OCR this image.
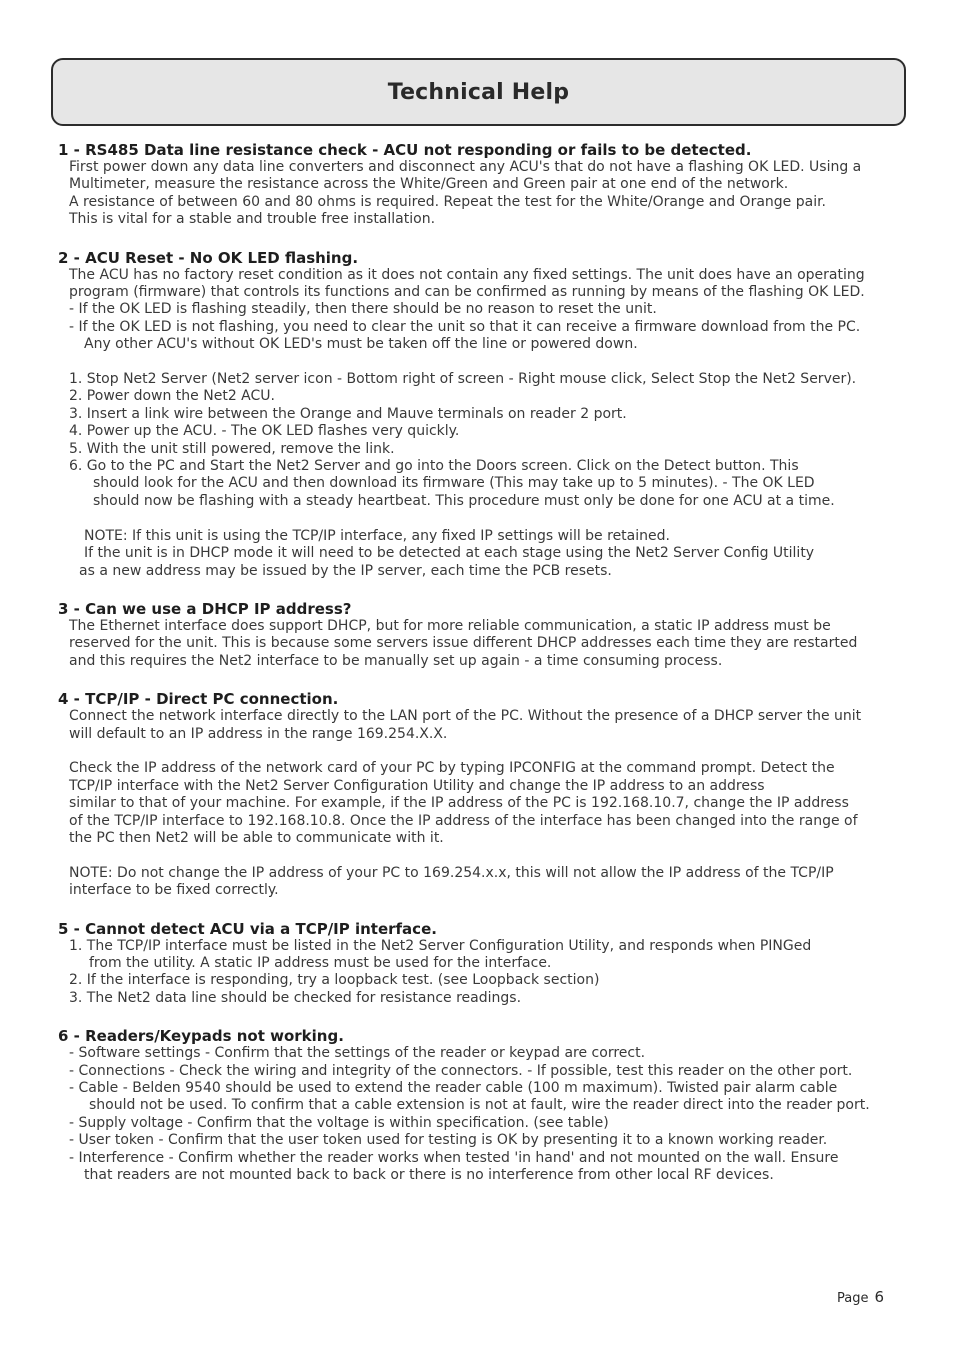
Technical Help

1 - RS485 Data line resistance check - ACU not responding or fails to be detected.

First power down any data line converters and disconnect any ACU's that do not have a flashing OK LED. Using a

Multimeter, measure the resistance across the White/Green and Green pair at one end of the network.

A resistance of between 60 and 80 ohms is required. Repeat the test for the White/Orange and Orange pair.

This is vital for a stable and trouble free installation.

2 - ACU Reset - No OK LED flashing.

The ACU has no factory reset condition as it does not contain any fixed settings. The unit does have an operating

program (firmware) that controls its functions and can be confirmed as running by means of the flashing OK LED.

- If the OK LED is flashing steadily, then there should be no reason to reset the unit.

- If the OK LED is not flashing, you need to clear the unit so that it can receive a firmware download from the PC.

Any other ACU's without OK LED's must be taken off the line or powered down.

1. Stop Net2 Server (Net2 server icon - Bottom right of screen - Right mouse click, Select Stop the Net2 Server).

2. Power down the Net2 ACU.

3. Insert a link wire between the Orange and Mauve terminals on reader 2 port.

4. Power up the ACU. - The OK LED flashes very quickly.

5. With the unit still powered, remove the link.

6. Go to the PC and Start the Net2 Server and go into the Doors screen. Click on the Detect button. This

should look for the ACU and then download its firmware (This may take up to 5 minutes). - The OK LED

should now be flashing with a steady heartbeat. This procedure must only be done for one ACU at a time.

NOTE: If this unit is using the TCP/IP interface, any fixed IP settings will be retained.

If the unit is in DHCP mode it will need to be detected at each stage using the Net2 Server Config Utility

as a new address may be issued by the IP server, each time the PCB resets.

3 - Can we use a DHCP IP address?

The Ethernet interface does support DHCP, but for more reliable communication, a static IP address must be

reserved for the unit. This is because some servers issue different DHCP addresses each time they are restarted

and this requires the Net2 interface to be manually set up again - a time consuming process.

4 - TCP/IP - Direct PC connection.

Connect the network interface directly to the LAN port of the PC. Without the presence of a DHCP server the unit

will default to an IP address in the range 169.254.X.X.

Check the IP address of the network card of your PC by typing IPCONFIG at the command prompt. Detect the

TCP/IP interface with the Net2 Server Configuration Utility and change the IP address to an address

similar to that of your machine. For example, if the IP address of the PC is 192.168.10.7, change the IP address

of the TCP/IP interface to 192.168.10.8. Once the IP address of the interface has been changed into the range of

the PC then Net2 will be able to communicate with it.

NOTE: Do not change the IP address of your PC to 169.254.x.x, this will not allow the IP address of the TCP/IP

interface to be fixed correctly.

5 - Cannot detect ACU via a TCP/IP interface.

1. The TCP/IP interface must be listed in the Net2 Server Configuration Utility, and responds when PINGed

from the utility. A static IP address must be used for the interface.

2. If the interface is responding, try a loopback test. (see Loopback section)

3. The Net2 data line should be checked for resistance readings.

6 - Readers/Keypads not working.

- Software settings - Confirm that the settings of the reader or keypad are correct.

- Connections - Check the wiring and integrity of the connectors. - If possible, test this reader on the other port.

- Cable - Belden 9540 should be used to extend the reader cable (100 m maximum). Twisted pair alarm cable

should not be used. To confirm that a cable extension is not at fault, wire the reader direct into the reader port.

- Supply voltage - Confirm that the voltage is within specification. (see table)

- User token - Confirm that the user token used for testing is OK by presenting it to a known working reader.

- Interference - Confirm whether the reader works when tested 'in hand' and not mounted on the wall. Ensure

that readers are not mounted back to back or there is no interference from other local RF devices.

Page 6
